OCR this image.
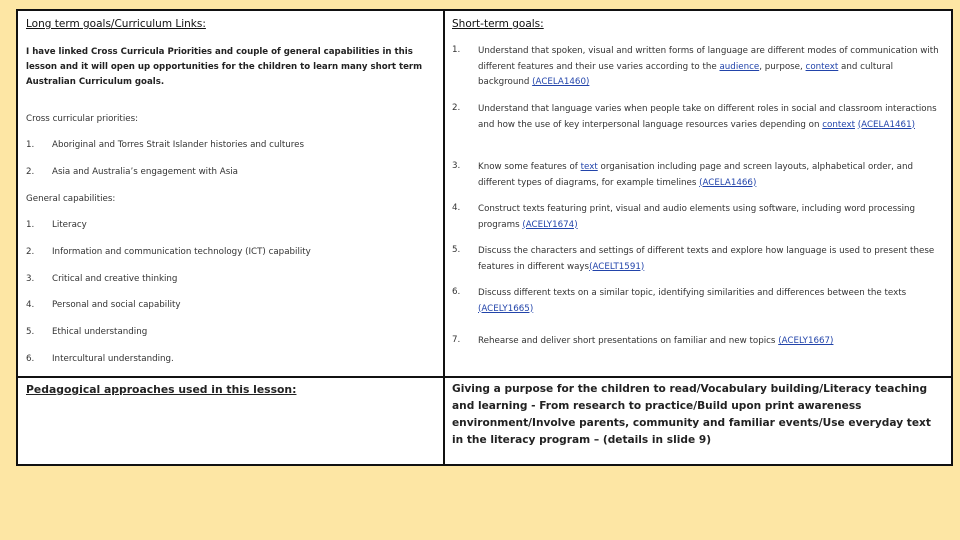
Long term goals/Curriculum Links:
I have linked Cross Curricula Priorities and couple of general capabilities in this lesson and it will open up opportunities for the children to learn many short term Australian Curriculum goals.
Cross curricular priorities:
1. Aboriginal and Torres Strait Islander histories and cultures
2. Asia and Australia’s engagement with Asia
General capabilities:
1. Literacy
2. Information and communication technology (ICT) capability
3. Critical and creative thinking
4. Personal and social capability
5. Ethical understanding
6. Intercultural understanding.
Short-term goals:
1. Understand that spoken, visual and written forms of language are different modes of communication with different features and their use varies according to the audience, purpose, context and cultural background (ACELA1460)
2. Understand that language varies when people take on different roles in social and classroom interactions and how the use of key interpersonal language resources varies depending on context (ACELA1461)
3. Know some features of text organisation including page and screen layouts, alphabetical order, and different types of diagrams, for example timelines (ACELA1466)
4. Construct texts featuring print, visual and audio elements using software, including word processing programs (ACELY1674)
5. Discuss the characters and settings of different texts and explore how language is used to present these features in different ways(ACELT1591)
6. Discuss different texts on a similar topic, identifying similarities and differences between the texts (ACELY1665)
7. Rehearse and deliver short presentations on familiar and new topics (ACELY1667)
Pedagogical approaches used in this lesson:	Giving a purpose for the children to read/Vocabulary building/Literacy teaching and learning - From research to practice/Build upon print awareness environment/Involve parents, community and familiar events/Use everyday text in the literacy program – (details in slide 9)
